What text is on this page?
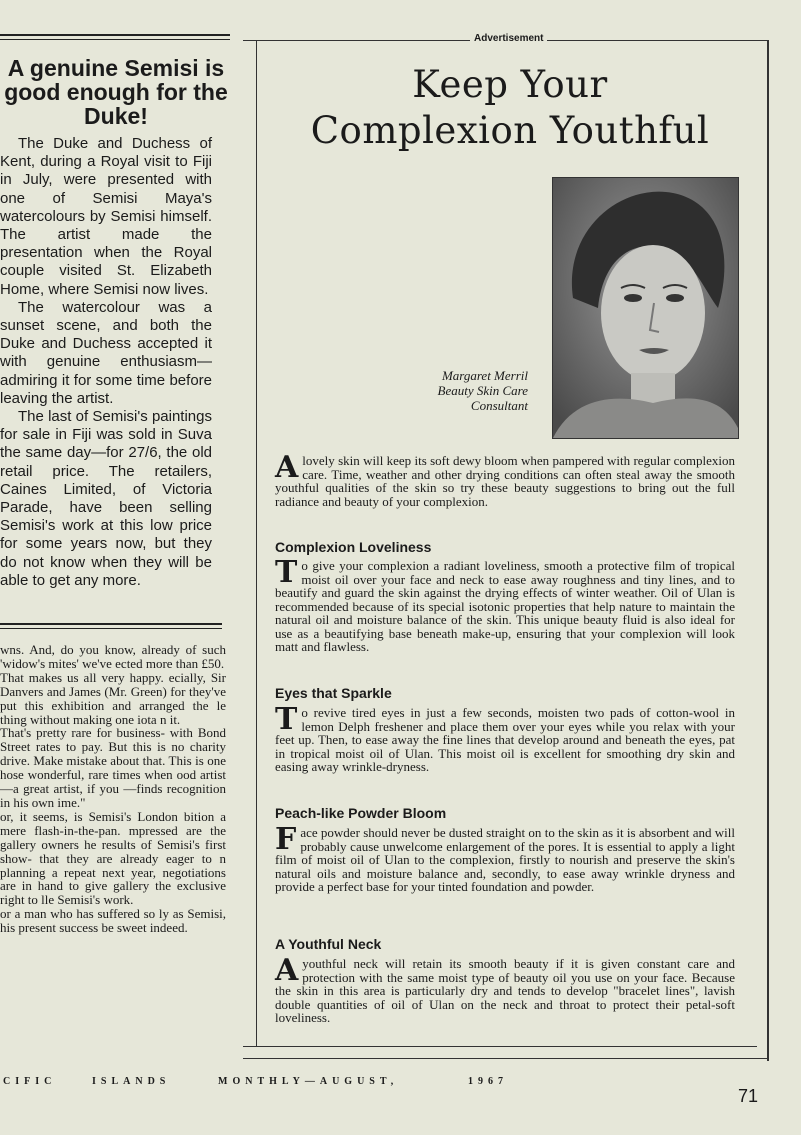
A genuine Semisi is good enough for the Duke!

The Duke and Duchess of Kent, during a Royal visit to Fiji in July, were presented with one of Semisi Maya's watercolours by Semisi himself. The artist made the presentation when the Royal couple visited St. Elizabeth Home, where Semisi now lives.

The watercolour was a sunset scene, and both the Duke and Duchess accepted it with genuine enthusiasm—admiring it for some time before leaving the artist.

The last of Semisi's paintings for sale in Fiji was sold in Suva the same day—for 27/6, the old retail price. The retailers, Caines Limited, of Victoria Parade, have been selling Semisi's work at this low price for some years now, but they do not know when they will be able to get any more.

wns. And, do you know, already of such 'widow's mites' we've ected more than £50.

That makes us all very happy. ecially, Sir Danvers and James (Mr. Green) for they've put this exhibition and arranged the le thing without making one iota n it.

That's pretty rare for business- with Bond Street rates to pay. But this is no charity drive. Make mistake about that. This is one hose wonderful, rare times when ood artist—a great artist, if you —finds recognition in his own ime."

or, it seems, is Semisi's London bition a mere flash-in-the-pan. mpressed are the gallery owners he results of Semisi's first show- that they are already eager to n planning a repeat next year, negotiations are in hand to give gallery the exclusive right to lle Semisi's work.

or a man who has suffered so ly as Semisi, his present success be sweet indeed.

Advertisement
Keep Your
Complexion Youthful
Margaret Merril
Beauty Skin Care
Consultant
Alovely skin will keep its soft dewy bloom when pampered with regular complexion care. Time, weather and other drying conditions can often steal away the smooth youthful qualities of the skin so try these beauty suggestions to bring out the full radiance and beauty of your complexion.
Complexion Loveliness
To give your complexion a radiant loveliness, smooth a protective film of tropical moist oil over your face and neck to ease away roughness and tiny lines, and to beautify and guard the skin against the drying effects of winter weather. Oil of Ulan is recommended because of its special isotonic properties that help nature to maintain the natural oil and moisture balance of the skin. This unique beauty fluid is also ideal for use as a beautifying base beneath make-up, ensuring that your complexion will look matt and flawless.
Eyes that Sparkle
To revive tired eyes in just a few seconds, moisten two pads of cotton-wool in lemon Delph freshener and place them over your eyes while you relax with your feet up. Then, to ease away the fine lines that develop around and beneath the eyes, pat in tropical moist oil of Ulan. This moist oil is excellent for smoothing dry skin and easing away wrinkle-dryness.
Peach-like Powder Bloom
Face powder should never be dusted straight on to the skin as it is absorbent and will probably cause unwelcome enlargement of the pores. It is essential to apply a light film of moist oil of Ulan to the complexion, firstly to nourish and preserve the skin's natural oils and moisture balance and, secondly, to ease away wrinkle dryness and provide a perfect base for your tinted foundation and powder.
A Youthful Neck
Ayouthful neck will retain its smooth beauty if it is given constant care and protection with the same moist type of beauty oil you use on your face. Because the skin in this area is particularly dry and tends to develop "bracelet lines", lavish double quantities of oil of Ulan on the neck and throat to protect their petal-soft loveliness.
CIFIC	ISLANDS	MONTHLY—AUGUST,	1967
71
